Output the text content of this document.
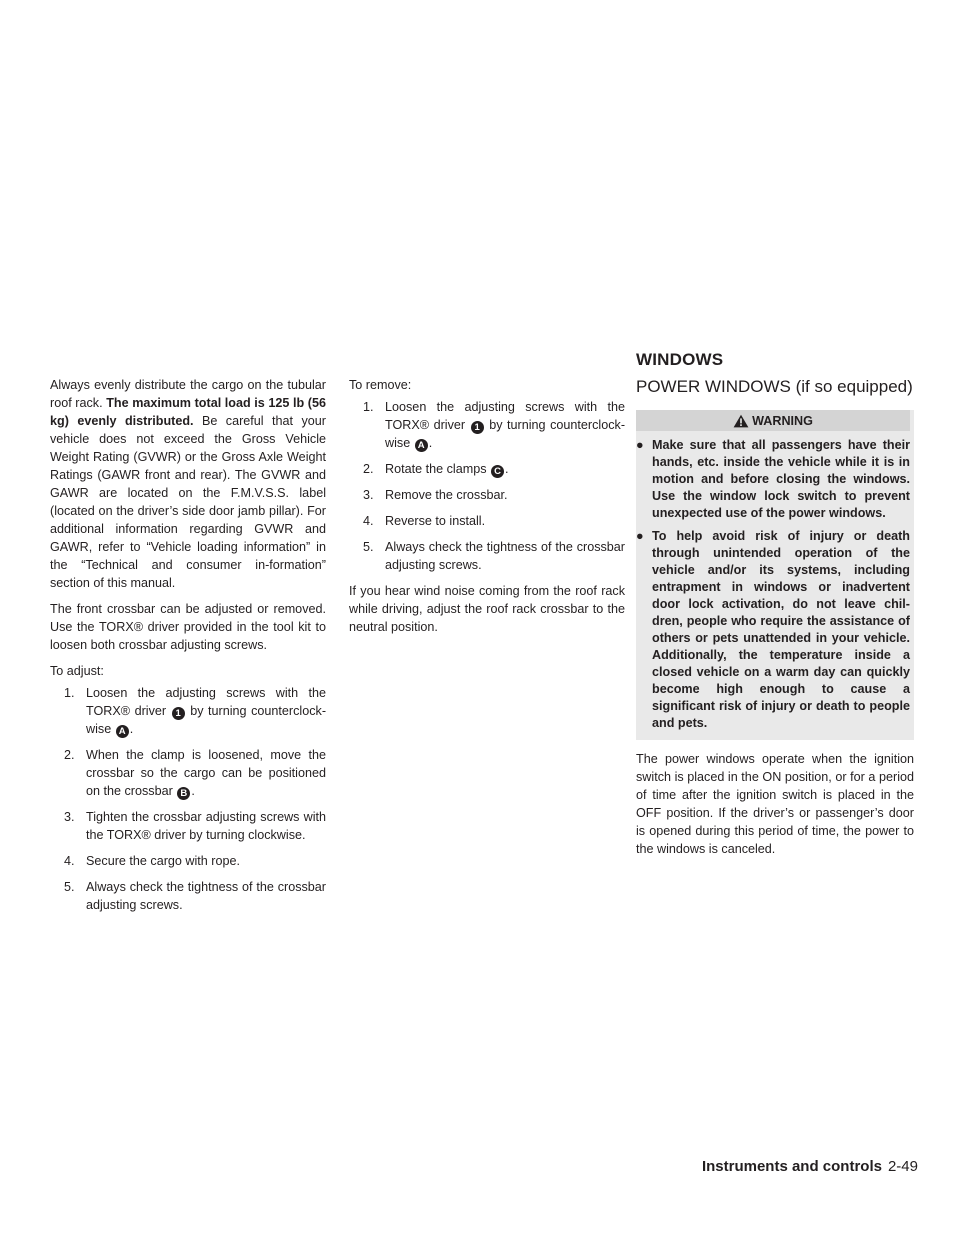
Always evenly distribute the cargo on the tubular roof rack. The maximum total load is 125 lb (56 kg) evenly distributed. Be careful that your vehicle does not exceed the Gross Vehicle Weight Rating (GVWR) or the Gross Axle Weight Ratings (GAWR front and rear). The GVWR and GAWR are located on the F.M.V.S.S. label (located on the driver’s side door jamb pillar). For additional information regarding GVWR and GAWR, refer to “Vehicle loading information” in the “Technical and consumer in-formation” section of this manual.

The front crossbar can be adjusted or removed. Use the TORX® driver provided in the tool kit to loosen both crossbar adjusting screws.

To adjust:

1. Loosen the adjusting screws with the TORX® driver 1 by turning counterclock-wise A .
2. When the clamp is loosened, move the crossbar so the cargo can be positioned on the crossbar B .
3. Tighten the crossbar adjusting screws with the TORX® driver by turning clockwise.
4. Secure the cargo with rope.
5. Always check the tightness of the crossbar adjusting screws.

To remove:

1. Loosen the adjusting screws with the TORX® driver 1 by turning counterclock-wise A .
2. Rotate the clamps C .
3. Remove the crossbar.
4. Reverse to install.
5. Always check the tightness of the crossbar adjusting screws.

If you hear wind noise coming from the roof rack while driving, adjust the roof rack crossbar to the neutral position.

WINDOWS
POWER WINDOWS (if so equipped)
WARNING
● Make sure that all passengers have their hands, etc. inside the vehicle while it is in motion and before closing the windows. Use the window lock switch to prevent unexpected use of the power windows.
● To help avoid risk of injury or death through unintended operation of the vehicle and/or its systems, including entrapment in windows or inadvertent door lock activation, do not leave chil-dren, people who require the assistance of others or pets unattended in your vehicle. Additionally, the temperature inside a closed vehicle on a warm day can quickly become high enough to cause a significant risk of injury or death to people and pets.

The power windows operate when the ignition switch is placed in the ON position, or for a period of time after the ignition switch is placed in the OFF position. If the driver’s or passenger’s door is opened during this period of time, the power to the windows is canceled.

Instruments and controls 2-49
